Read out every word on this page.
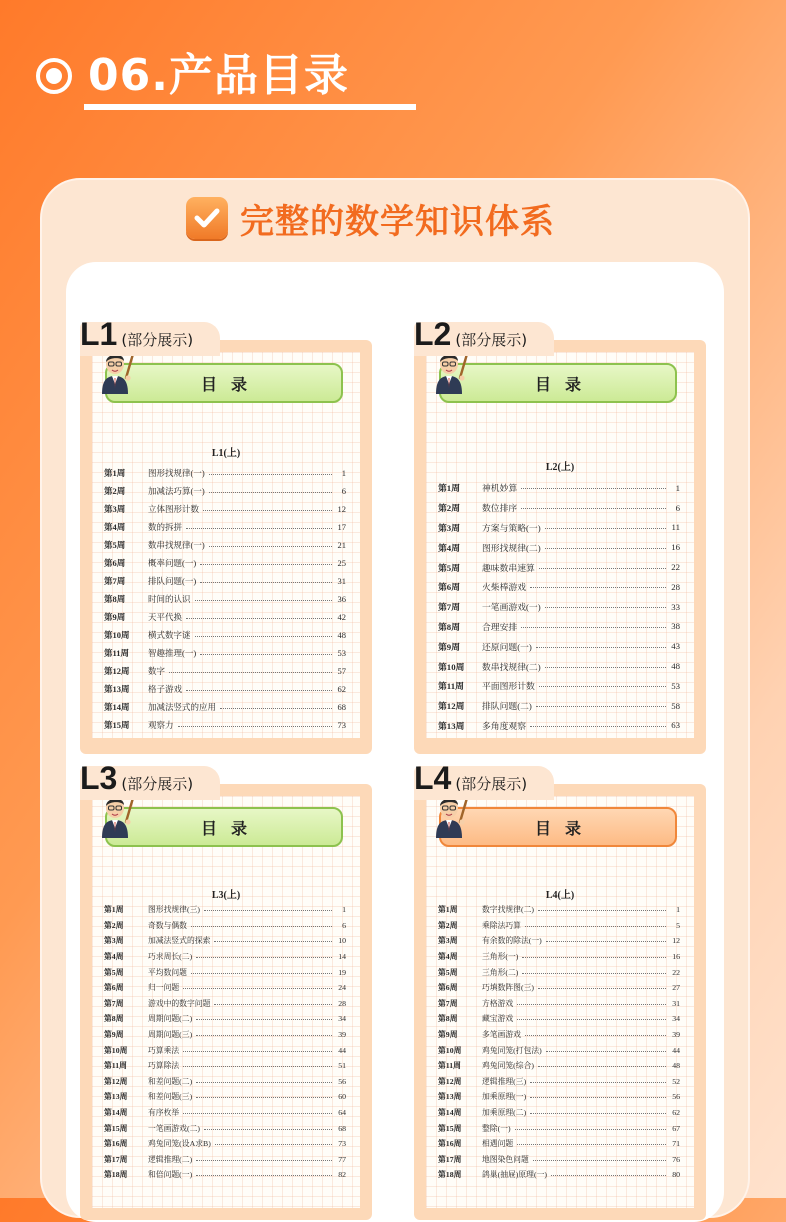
06.产品目录
完整的数学知识体系
目录
L1(上)
第1周	图形找规律(一)	1
第2周	加减法巧算(一)	6
第3周	立体图形计数	12
第4周	数的拆拼	17
第5周	数串找规律(一)	21
第6周	概率问题(一)	25
第7周	排队问题(一)	31
第8周	时间的认识	36
第9周	天平代换	42
第10周	横式数字谜	48
第11周	智趣推理(一)	53
第12周	数字	57
第13周	格子游戏	62
第14周	加减法竖式的应用	68
第15周	观察力	73
L1 (部分展示)
目录
L2(上)
第1周	神机妙算	1
第2周	数位排序	6
第3周	方案与策略(一)	11
第4周	图形找规律(二)	16
第5周	趣味数串速算	22
第6周	火柴棒游戏	28
第7周	一笔画游戏(一)	33
第8周	合理安排	38
第9周	还原问题(一)	43
第10周	数串找规律(二)	48
第11周	平面图形计数	53
第12周	排队问题(二)	58
第13周	多角度观察	63
L2 (部分展示)
目录
L3(上)
第1周	图形找规律(三)	1
第2周	奇数与偶数	6
第3周	加减法竖式的探索	10
第4周	巧求周长(二)	14
第5周	平均数问题	19
第6周	归一问题	24
第7周	游戏中的数字问题	28
第8周	周期问题(二)	34
第9周	周期问题(三)	39
第10周	巧算乘法	44
第11周	巧算除法	51
第12周	和差问题(二)	56
第13周	和差问题(三)	60
第14周	有序枚举	64
第15周	一笔画游戏(二)	68
第16周	鸡兔同笼(设A求B)	73
第17周	逻辑推理(二)	77
第18周	和倍问题(一)	82
L3 (部分展示)
目录
L4(上)
第1周	数字找规律(二)	1
第2周	乘除法巧算	5
第3周	有余数的除法(一)	12
第4周	三角形(一)	16
第5周	三角形(二)	22
第6周	巧填数阵图(三)	27
第7周	方格游戏	31
第8周	藏宝游戏	34
第9周	多笔画游戏	39
第10周	鸡兔同笼(打包法)	44
第11周	鸡兔同笼(综合)	48
第12周	逻辑推理(三)	52
第13周	加乘原理(一)	56
第14周	加乘原理(二)	62
第15周	整除(一)	67
第16周	相遇问题	71
第17周	地图染色问题	76
第18周	鸽巢(抽屉)原理(一)	80
L4 (部分展示)
